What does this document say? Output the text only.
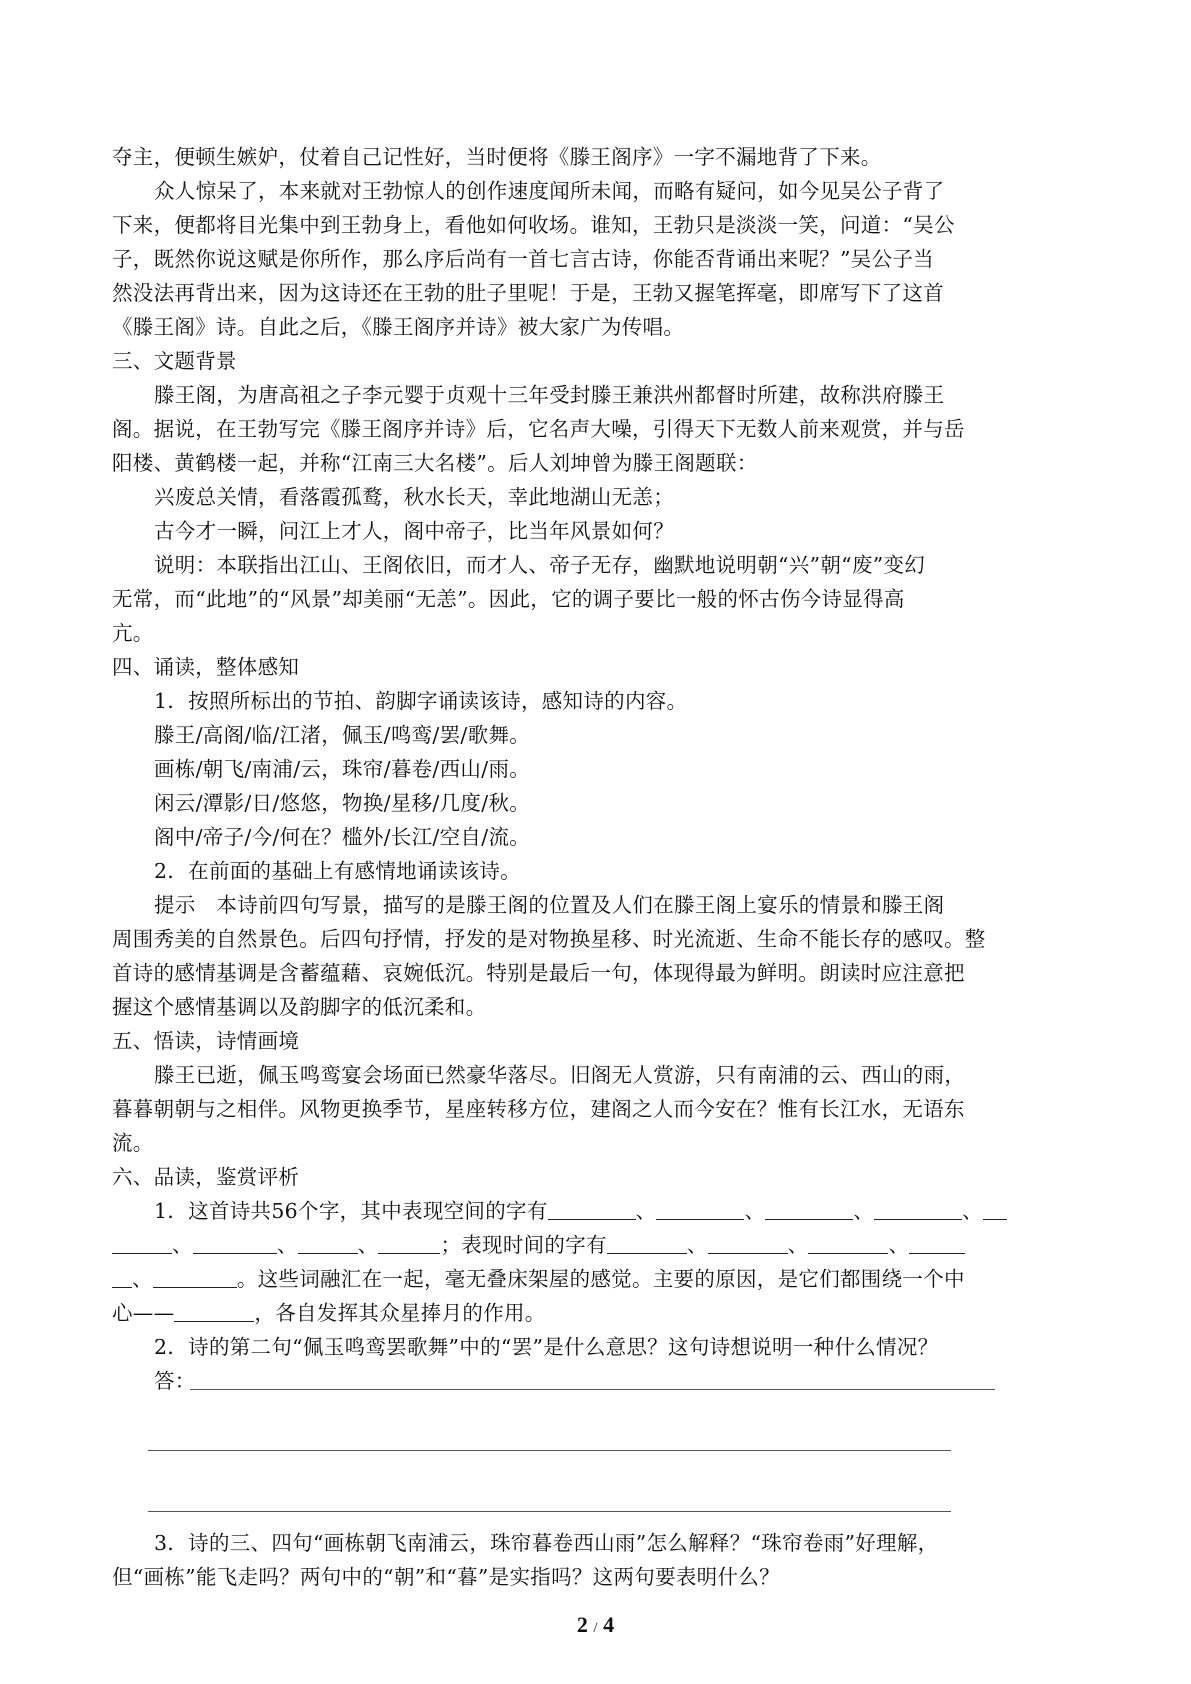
夺主，便顿生嫉妒，仗着自己记性好，当时便将《滕王阁序》一字不漏地背了下来。
众人惊呆了，本来就对王勃惊人的创作速度闻所未闻，而略有疑问，如今见吴公子背了
下来，便都将目光集中到王勃身上，看他如何收场。谁知，王勃只是淡淡一笑，问道：“吴公
子，既然你说这赋是你所作，那么序后尚有一首七言古诗，你能否背诵出来呢？”吴公子当
然没法再背出来，因为这诗还在王勃的肚子里呢！于是，王勃又握笔挥毫，即席写下了这首
《滕王阁》诗。自此之后，《滕王阁序并诗》被大家广为传唱。
三、文题背景
滕王阁，为唐高祖之子李元婴于贞观十三年受封滕王兼洪州都督时所建，故称洪府滕王
阁。据说，在王勃写完《滕王阁序并诗》后，它名声大噪，引得天下无数人前来观赏，并与岳
阳楼、黄鹤楼一起，并称“江南三大名楼”。后人刘坤曾为滕王阁题联：
兴废总关情，看落霞孤鹜，秋水长天，幸此地湖山无恙；
古今才一瞬，问江上才人，阁中帝子，比当年风景如何？
说明：本联指出江山、王阁依旧，而才人、帝子无存，幽默地说明朝“兴”朝“废”变幻
无常，而“此地”的“风景”却美丽“无恙”。因此，它的调子要比一般的怀古伤今诗显得高
亢。
四、诵读，整体感知
1．按照所标出的节拍、韵脚字诵读该诗，感知诗的内容。
滕王/高阁/临/江渚，佩玉/鸣鸾/罢/歌舞。
画栋/朝飞/南浦/云，珠帘/暮卷/西山/雨。
闲云/潭影/日/悠悠，物换/星移/几度/秋。
阁中/帝子/今/何在？槛外/长江/空自/流。
2．在前面的基础上有感情地诵读该诗。
提示　本诗前四句写景，描写的是滕王阁的位置及人们在滕王阁上宴乐的情景和滕王阁
周围秀美的自然景色。后四句抒情，抒发的是对物换星移、时光流逝、生命不能长存的感叹。整
首诗的感情基调是含蓄蕴藉、哀婉低沉。特别是最后一句，体现得最为鲜明。朗读时应注意把
握这个感情基调以及韵脚字的低沉柔和。
五、悟读，诗情画境
滕王已逝，佩玉鸣鸾宴会场面已然豪华落尽。旧阁无人赏游，只有南浦的云、西山的雨，
暮暮朝朝与之相伴。风物更换季节，星座转移方位，建阁之人而今安在？惟有长江水，无语东
流。
六、品读，鉴赏评析
1．这首诗共56个字，其中表现空间的字有	、	、	、	、
、	、	、	；表现时间的字有	、	、	、
、	。这些词融汇在一起，毫无叠床架屋的感觉。主要的原因，是它们都围绕一个中
心——	，各自发挥其众星捧月的作用。
2．诗的第二句“佩玉鸣鸾罢歌舞”中的“罢”是什么意思？这句诗想说明一种什么情况？
答：
3．诗的三、四句“画栋朝飞南浦云，珠帘暮卷西山雨”怎么解释？“珠帘卷雨”好理解，
但“画栋”能飞走吗？两句中的“朝”和“暮”是实指吗？这两句要表明什么？
2 / 4
